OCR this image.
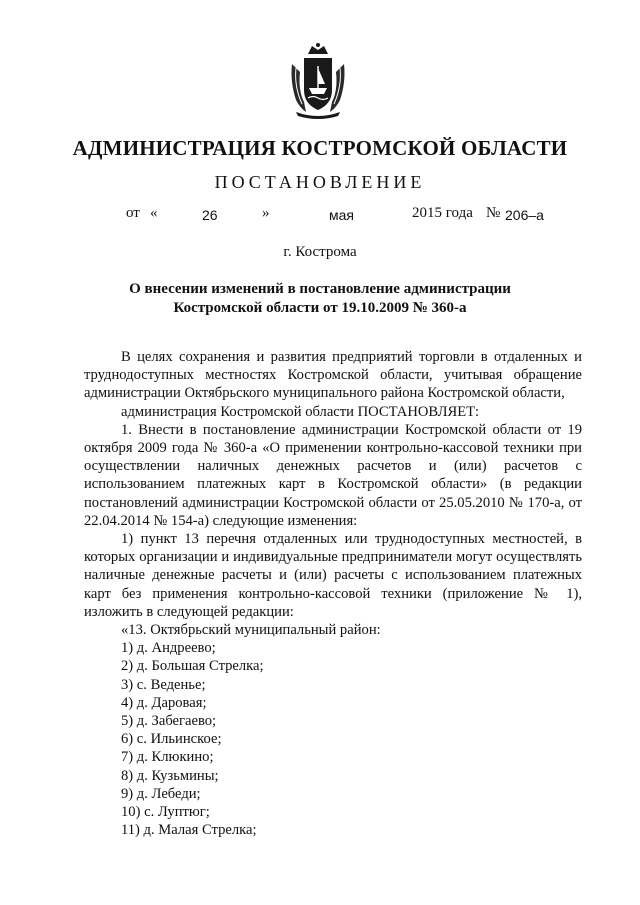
АДМИНИСТРАЦИЯ КОСТРОМСКОЙ ОБЛАСТИ
ПОСТАНОВЛЕНИЕ
от «	26	»	мая	2015 года № 206–а
г. Кострома
О внесении изменений в постановление администрации
Костромской области от 19.10.2009 № 360-а

В целях сохранения и развития предприятий торговли в отдаленных и труднодоступных местностях Костромской области, учитывая обращение администрации Октябрьского муниципального района Костромской области,

администрация Костромской области ПОСТАНОВЛЯЕТ:

1. Внести в постановление администрации Костромской области от 19 октября 2009 года № 360-а «О применении контрольно-кассовой техники при осуществлении наличных денежных расчетов и (или) расчетов с использованием платежных карт в Костромской области» (в редакции постановлений администрации Костромской области от 25.05.2010 № 170-а, от 22.04.2014 № 154-а) следующие изменения:

1) пункт 13 перечня отдаленных или труднодоступных местностей, в которых организации и индивидуальные предприниматели могут осуществлять наличные денежные расчеты и (или) расчеты с использованием платежных карт без применения контрольно-кассовой техники (приложение № 1), изложить в следующей редакции:

«13. Октябрьский муниципальный район:

1) д. Андреево;

2) д. Большая Стрелка;

3) с. Веденье;

4) д. Даровая;

5) д. Забегаево;

6) с. Ильинское;

7) д. Клюкино;

8) д. Кузьмины;

9) д. Лебеди;

10) с. Луптюг;

11) д. Малая Стрелка;
